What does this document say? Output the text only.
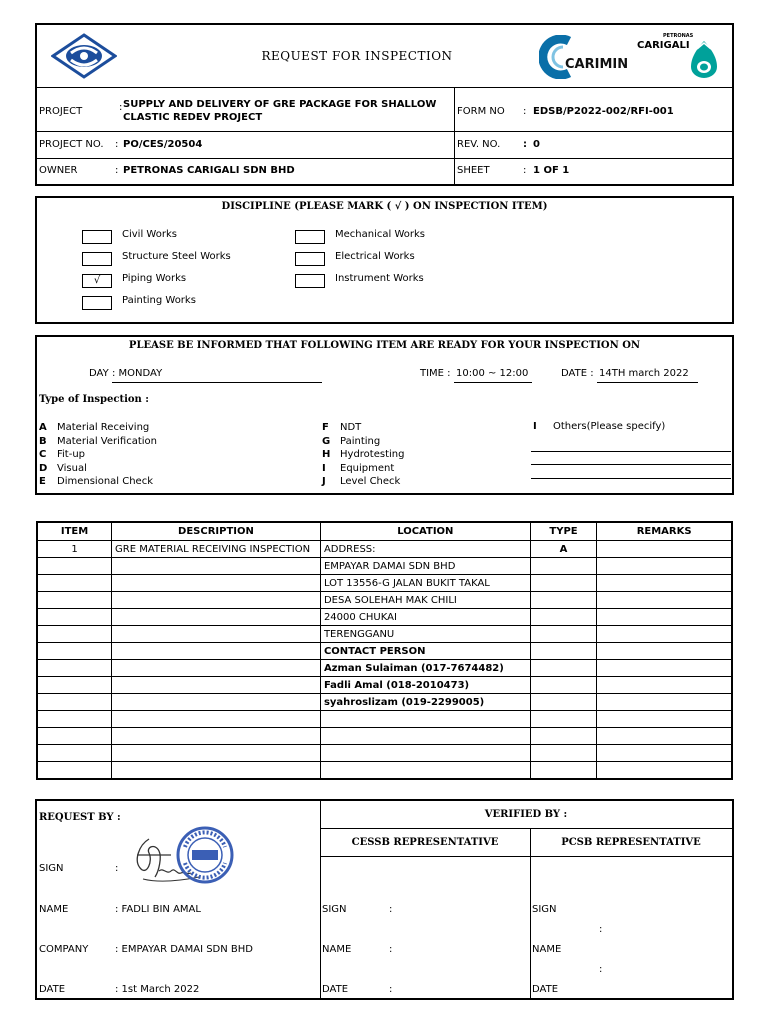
REQUEST FOR INSPECTION
CARIMIN
PETRONAS
CARIGALI
PROJECT	: SUPPLY AND DELIVERY OF GRE PACKAGE FOR SHALLOW
CLASTIC REDEV PROJECT
FORM NO : EDSB/P2022-002/RFI-001
PROJECT NO. : PO/CES/20504	REV. NO. : 0
OWNER	: PETRONAS CARIGALI SDN BHD	SHEET	: 1 OF 1
DISCIPLINE (PLEASE MARK ( √ ) ON INSPECTION ITEM)
Civil Works
Structure Steel Works
√	Piping Works
Painting Works
Mechanical Works
Electrical Works
Instrument Works
PLEASE BE INFORMED THAT FOLLOWING ITEM ARE READY FOR YOUR INSPECTION ON
DAY : MONDAY	TIME : 10:00 ~ 12:00	DATE : 14TH march 2022
Type of Inspection :
A Material Receiving
B Material Verification
C Fit-up
D Visual
E Dimensional Check
F NDT
G Painting
H Hydrotesting
I Equipment
J Level Check
I Others(Please specify)
ITEM	DESCRIPTION	LOCATION	TYPE	REMARKS
1	GRE MATERIAL RECEIVING INSPECTION	ADDRESS:	A	
		EMPAYAR DAMAI SDN BHD		
		LOT 13556-G JALAN BUKIT TAKAL		
		DESA SOLEHAH MAK CHILI		
		24000 CHUKAI		
		TERENGGANU		
		CONTACT PERSON		
		Azman Sulaiman (017-7674482)		
		Fadli Amal (018-2010473)		
		syahroslizam (019-2299005)		

REQUEST BY :	VERIFIED BY :
CESSB REPRESENTATIVE	PCSB REPRESENTATIVE
SIGN	:
NAME	: FADLI BIN AMAL
COMPANY	: EMPAYAR DAMAI SDN BHD
DATE	: 1st March 2022
SIGN	:
NAME	:
DATE	:
SIGN
:
NAME
:
DATE
